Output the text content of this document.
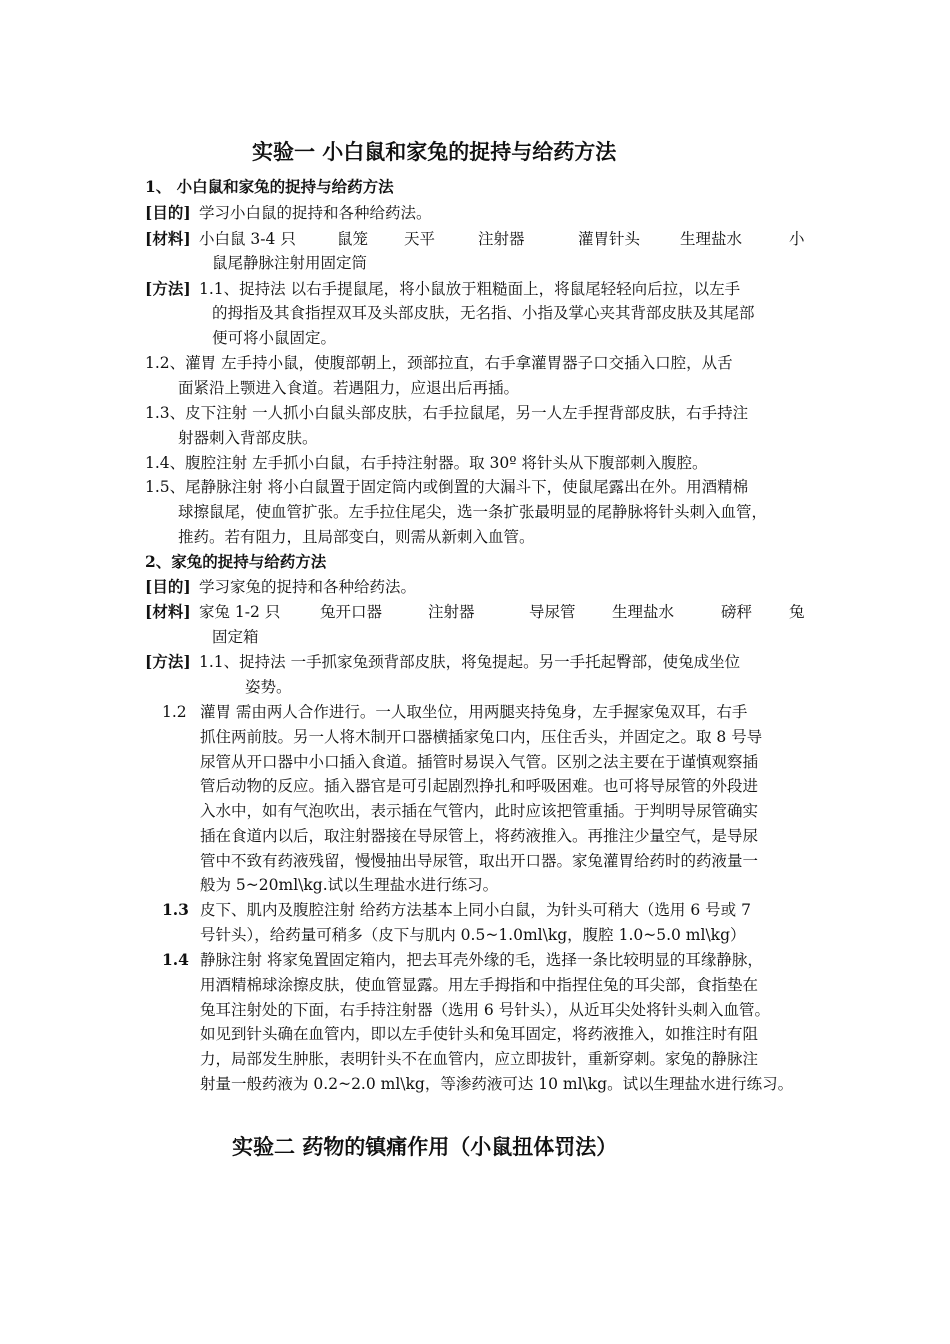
实验一 小白鼠和家兔的捉持与给药方法
1、 小白鼠和家兔的捉持与给药方法
[目的] 学习小白鼠的捉持和各种给药法。
[材料] 小白鼠 3-4 只	鼠笼 天平	注射器	灌胃针头	生理盐水	小
鼠尾静脉注射用固定筒
[方法] 1.1、捉持法 以右手提鼠尾，将小鼠放于粗糙面上，将鼠尾轻轻向后拉，以左手
的拇指及其食指捏双耳及头部皮肤，无名指、小指及掌心夹其背部皮肤及其尾部
便可将小鼠固定。
1.2、灌胃 左手持小鼠，使腹部朝上，颈部拉直，右手拿灌胃器子口交插入口腔，从舌
面紧沿上颚进入食道。若遇阻力，应退出后再插。
1.3、皮下注射 一人抓小白鼠头部皮肤，右手拉鼠尾，另一人左手捏背部皮肤，右手持注
射器刺入背部皮肤。
1.4、腹腔注射 左手抓小白鼠，右手持注射器。取 30º 将针头从下腹部刺入腹腔。
1.5、尾静脉注射 将小白鼠置于固定筒内或倒置的大漏斗下，使鼠尾露出在外。用酒精棉
球擦鼠尾，使血管扩张。左手拉住尾尖，选一条扩张最明显的尾静脉将针头刺入血管，
推药。若有阻力，且局部变白，则需从新刺入血管。
2、家兔的捉持与给药方法
[目的] 学习家兔的捉持和各种给药法。
[材料] 家兔 1-2 只	兔开口器	注射器	导尿管 生理盐水	磅秤 兔
固定箱
[方法] 1.1、捉持法 一手抓家兔颈背部皮肤，将兔提起。另一手托起臀部，使兔成坐位
姿势。
1.2 灌胃 需由两人合作进行。一人取坐位，用两腿夹持兔身，左手握家兔双耳，右手
抓住两前肢。另一人将木制开口器横插家兔口内，压住舌头，并固定之。取 8 号导
尿管从开口器中小口插入食道。插管时易误入气管。区别之法主要在于谨慎观察插
管后动物的反应。插入器官是可引起剧烈挣扎和呼吸困难。也可将导尿管的外段进
入水中，如有气泡吹出，表示插在气管内，此时应该把管重插。于判明导尿管确实
插在食道内以后，取注射器接在导尿管上，将药液推入。再推注少量空气，是导尿
管中不致有药液残留，慢慢抽出导尿管，取出开口器。家兔灌胃给药时的药液量一
般为 5~20ml\kg.试以生理盐水进行练习。
1.3 皮下、肌内及腹腔注射 给药方法基本上同小白鼠，为针头可稍大（选用 6 号或 7
号针头），给药量可稍多（皮下与肌内 0.5~1.0ml\kg，腹腔 1.0~5.0 ml\kg）
1.4 静脉注射 将家兔置固定箱内，把去耳壳外缘的毛，选择一条比较明显的耳缘静脉，
用酒精棉球涂擦皮肤，使血管显露。用左手拇指和中指捏住兔的耳尖部，食指垫在
兔耳注射处的下面，右手持注射器（选用 6 号针头），从近耳尖处将针头刺入血管。
如见到针头确在血管内，即以左手使针头和兔耳固定，将药液推入，如推注时有阻
力，局部发生肿胀，表明针头不在血管内，应立即拔针，重新穿刺。家兔的静脉注
射量一般药液为 0.2~2.0 ml\kg，等渗药液可达 10 ml\kg。试以生理盐水进行练习。
实验二 药物的镇痛作用（小鼠扭体罚法）
